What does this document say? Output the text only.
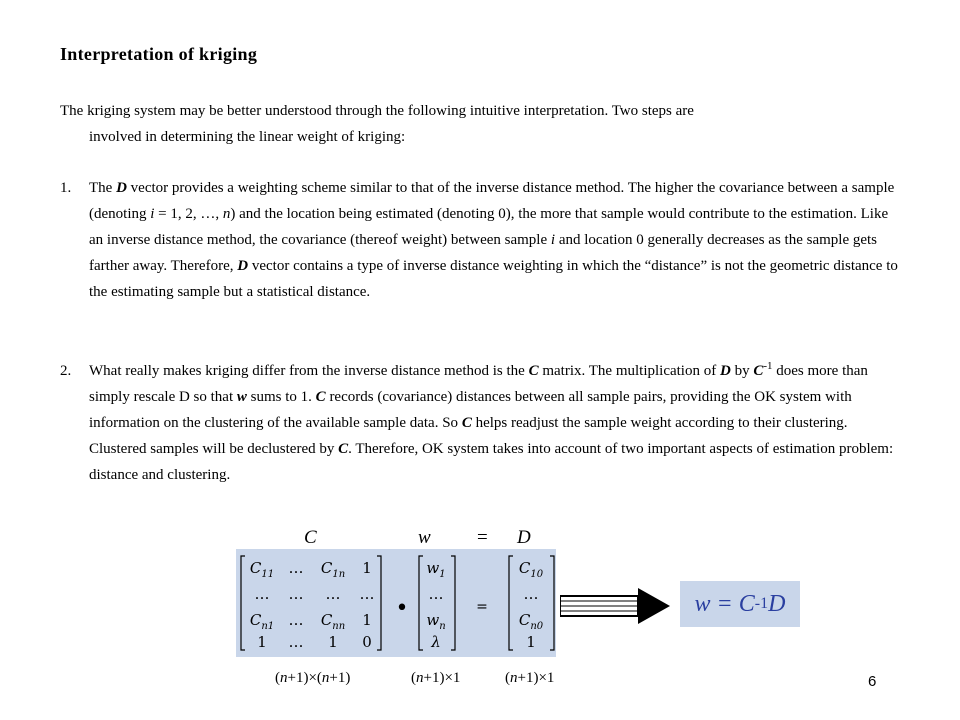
Interpretation of kriging
The kriging system may be better understood through the following intuitive interpretation. Two steps are
involved in determining the linear weight of kriging:
1.	The D vector provides a weighting scheme similar to that of the inverse distance method. The higher the covariance between a sample (denoting i = 1, 2, …, n) and the location being estimated (denoting 0), the more that sample would contribute to the estimation. Like an inverse distance method, the covariance (thereof weight) between sample i and location 0 generally decreases as the sample gets farther away. Therefore, D vector contains a type of inverse distance weighting in which the “distance” is not the geometric distance to the estimating sample but a statistical distance.
2.	What really makes kriging differ from the inverse distance method is the C matrix. The multiplication of D by $C^{-1}$ does more than simply rescale D so that w sums to 1. C records (covariance) distances between all sample pairs, providing the OK system with information on the clustering of the available sample data. So C helps readjust the sample weight according to their clustering. Clustered samples will be declustered by C. Therefore, OK system takes into account of two important aspects of estimation problem: distance and clustering.
C	w = D
$C_{11}$ … $C_{1n}$ 1
… … … …
$C_{n1}$ … $C_{nn}$ 1
1 … 1 0
$w_1$
…
$w_n$
λ
$C_{10}$
…
$C_{n0}$
1
•	=
(n+1)×(n+1)	(n+1)×1	(n+1)×1
w = C -1 D
6
